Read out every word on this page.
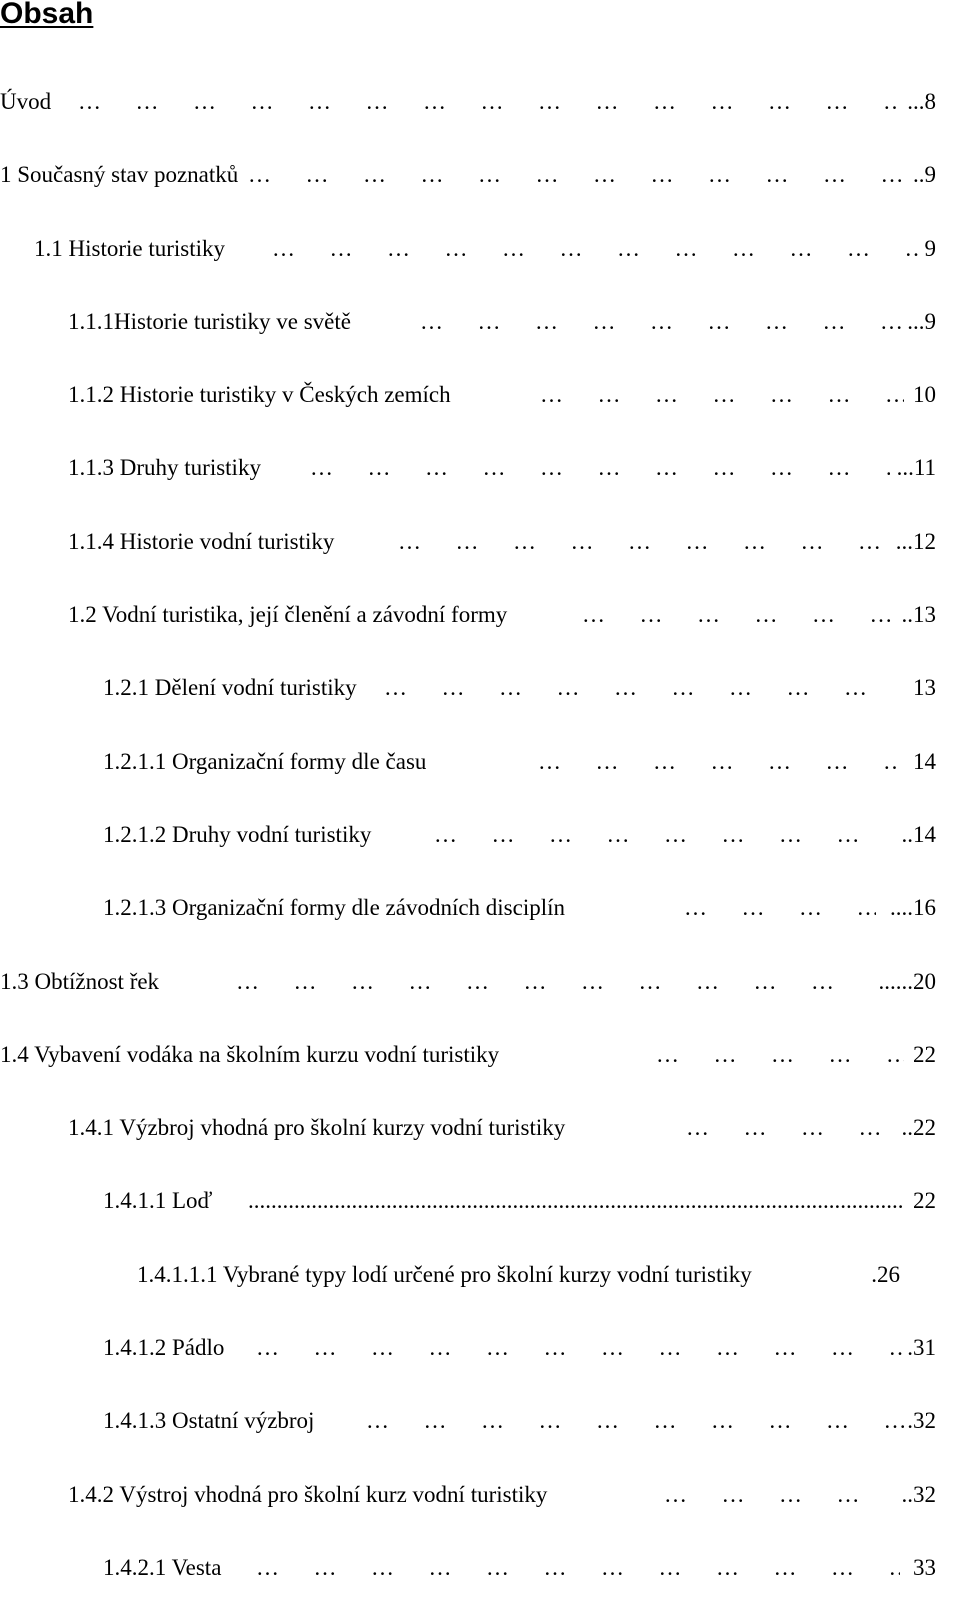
Obsah
Úvod …   …   …   …   …   …   …   …   …   …   …   …   …   …   …	...8
1 Současný stav poznatků …   …   …   …   …   …   …   …   …   …   …   …   …   …   …	..9
1.1 Historie turistiky …   …   …   …   …   …   …   …   …   …   …   …   …   …   …	9
1.1.1Historie turistiky ve světě …   …   …   …   …   …   …   …   …   …   …   …   …   …   …	...9
1.1.2 Historie turistiky v Českých zemích …   …   …   …   …   …   …   …   …   …   …   …   …   …   …	10
1.1.3 Druhy turistiky …   …   …   …   …   …   …   …   …   …   …   …   …   …   …	...11
1.1.4 Historie vodní turistiky …   …   …   …   …   …   …   …   …   …   …   …   …   …   …	...12
1.2 Vodní turistika, její členění a závodní formy …   …   …   …   …   …   …   …   …   …   …   …   …   …   …	..13
1.2.1 Dělení vodní turistiky …   …   …   …   …   …   …   …   …   …   …   …   …   …   …	13
1.2.1.1 Organizační formy dle času …   …   …   …   …   …   …   …   …   …   …   …   …   …   …	14
1.2.1.2 Druhy vodní turistiky …   …   …   …   …   …   …   …   …   …   …   …   …   …   …	..14
1.2.1.3 Organizační formy dle závodních disciplín …   …   …   …   …   …   …   …   …   …   …   …   …   …   …	....16
1.3 Obtížnost řek …   …   …   …   …   …   …   …   …   …   …   …   …   …   …	......20
1.4 Vybavení vodáka na školním kurzu vodní turistiky …   …   …   …   …   …   …   …   …   …   …   …   …   …   …	22
1.4.1 Výzbroj vhodná pro školní kurzy vodní turistiky …   …   …   …   …   …   …   …   …   …   …   …   …   …   …	..22
1.4.1.1 Loď .....	22
1.4.1.1.1 Vybrané typy lodí určené pro školní kurzy vodní turistiky	.26
1.4.1.2 Pádlo …   …   …   …   …   …   …   …   …   …   …   …   …   …   …	.31
1.4.1.3 Ostatní výzbroj …   …   …   …   …   …   …   …   …   …   …   …   …   …   …	.32
1.4.2 Výstroj vhodná pro školní kurz vodní turistiky …   …   …   …   …   …   …   …   …   …   …   …   …   …   …	..32
1.4.2.1 Vesta …   …   …   …   …   …   …   …   …   …   …   …   …   …   …	33
